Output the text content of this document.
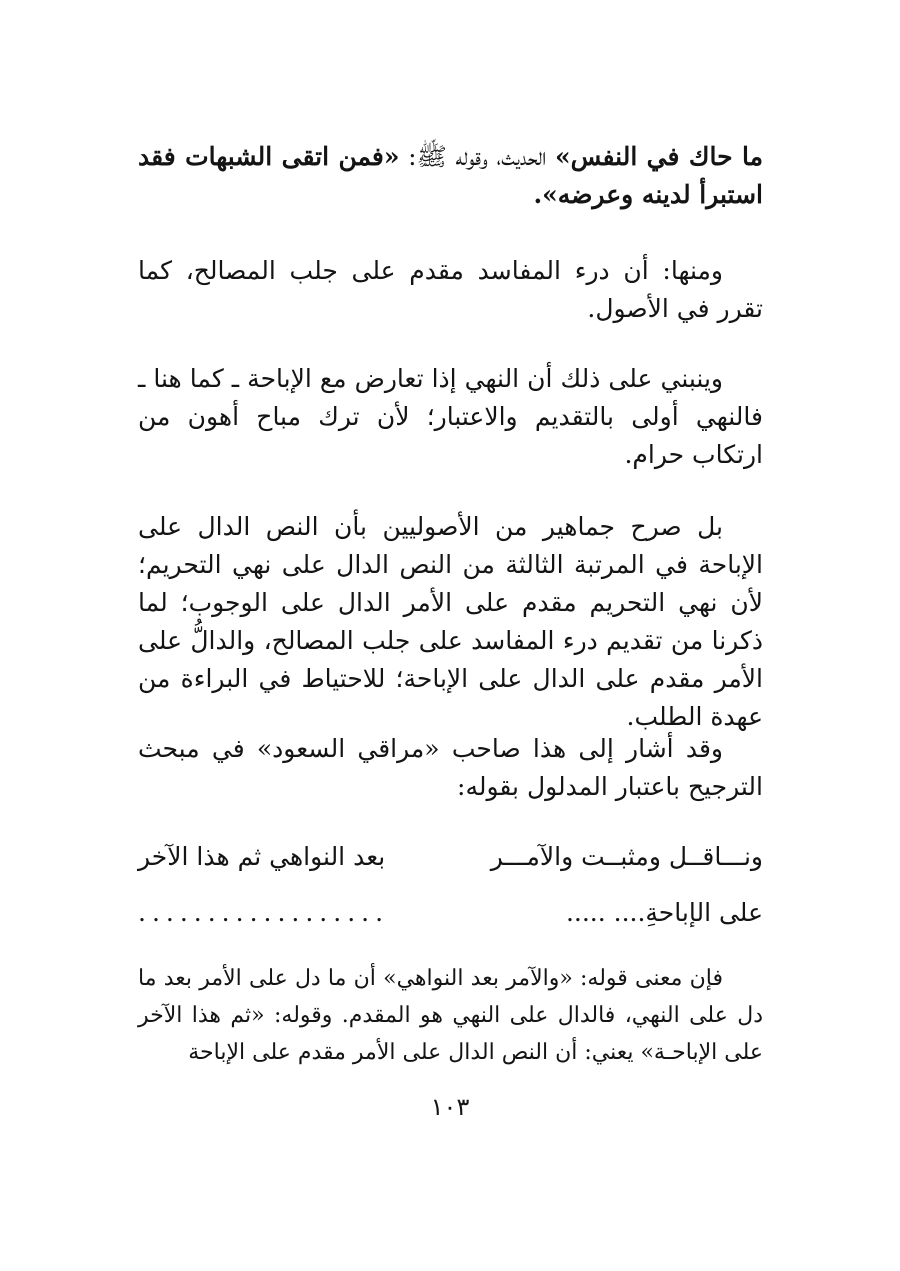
ما حاك في النفس» الحديث، وقوله ﷺ: «فمن اتقى الشبهات فقد استبرأ لدينه وعرضه».

ومنها: أن درء المفاسد مقدم على جلب المصالح، كما تقرر في الأصول.

وينبني على ذلك أن النهي إذا تعارض مع الإباحة ـ كما هنا ـ فالنهي أولى بالتقديم والاعتبار؛ لأن ترك مباح أهون من ارتكاب حرام.

بل صرح جماهير من الأصوليين بأن النص الدال على الإباحة في المرتبة الثالثة من النص الدال على نهي التحريم؛ لأن نهي التحريم مقدم على الأمر الدال على الوجوب؛ لما ذكرنا من تقديم درء المفاسد على جلب المصالح، والدالُّ على الأمر مقدم على الدال على الإباحة؛ للاحتياط في البراءة من عهدة الطلب.

وقد أشار إلى هذا صاحب «مراقي السعود» في مبحث الترجيح باعتبار المدلول بقوله:

ونـــاقــل ومثبــت والآمـــر
بعد النواهي ثم هذا الآخر
على الإباحةِ.... .....
..................

فإن معنى قوله: «والآمر بعد النواهي» أن ما دل على الأمر بعد ما دل على النهي، فالدال على النهي هو المقدم. وقوله: «ثم هذا الآخر على الإباحـة» يعني: أن النص الدال على الأمر مقدم على الإباحة

١٠٣
